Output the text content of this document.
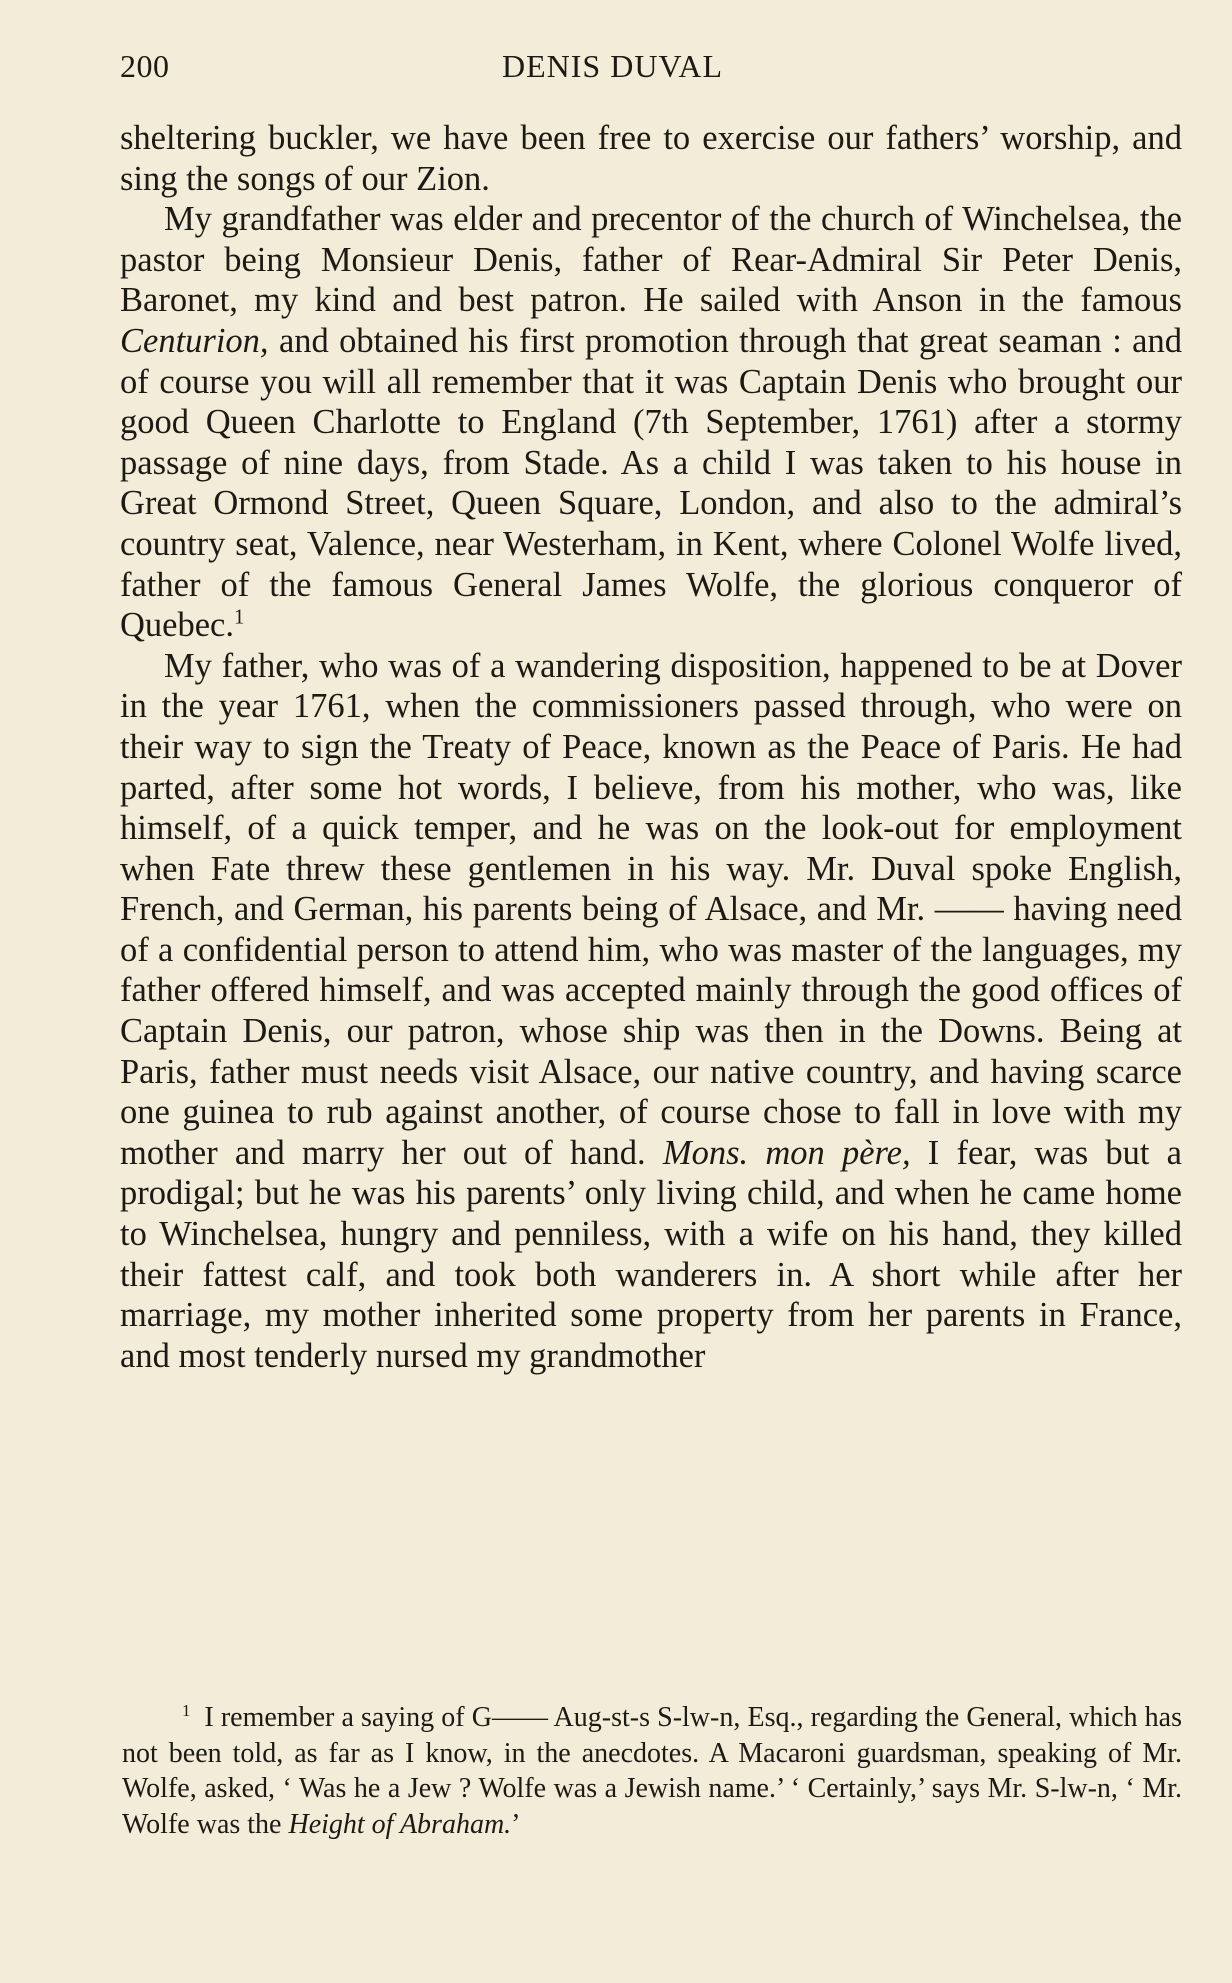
200	DENIS DUVAL

sheltering buckler, we have been free to exercise our fathers’ worship, and sing the songs of our Zion.

My grandfather was elder and precentor of the church of Winchelsea, the pastor being Monsieur Denis, father of Rear-Admiral Sir Peter Denis, Baronet, my kind and best patron. He sailed with Anson in the famous Centurion, and obtained his first promotion through that great seaman : and of course you will all remember that it was Captain Denis who brought our good Queen Charlotte to England (7th September, 1761) after a stormy passage of nine days, from Stade. As a child I was taken to his house in Great Ormond Street, Queen Square, London, and also to the admiral’s country seat, Valence, near Westerham, in Kent, where Colonel Wolfe lived, father of the famous General James Wolfe, the glorious conqueror of Quebec.$^1$

My father, who was of a wandering disposition, happened to be at Dover in the year 1761, when the commissioners passed through, who were on their way to sign the Treaty of Peace, known as the Peace of Paris. He had parted, after some hot words, I believe, from his mother, who was, like himself, of a quick temper, and he was on the look-out for employment when Fate threw these gentlemen in his way. Mr. Duval spoke English, French, and German, his parents being of Alsace, and Mr. —— having need of a confidential person to attend him, who was master of the languages, my father offered himself, and was accepted mainly through the good offices of Captain Denis, our patron, whose ship was then in the Downs. Being at Paris, father must needs visit Alsace, our native country, and having scarce one guinea to rub against another, of course chose to fall in love with my mother and marry her out of hand. Mons. mon père, I fear, was but a prodigal; but he was his parents’ only living child, and when he came home to Winchelsea, hungry and penniless, with a wife on his hand, they killed their fattest calf, and took both wanderers in. A short while after her marriage, my mother inherited some property from her parents in France, and most tenderly nursed my grandmother

$^1$ I remember a saying of G—— Aug-st-s S-lw-n, Esq., regarding the General, which has not been told, as far as I know, in the anecdotes. A Macaroni guardsman, speaking of Mr. Wolfe, asked, ‘ Was he a Jew ? Wolfe was a Jewish name.’ ‘ Certainly,’ says Mr. S-lw-n, ‘ Mr. Wolfe was the Height of Abraham.’
